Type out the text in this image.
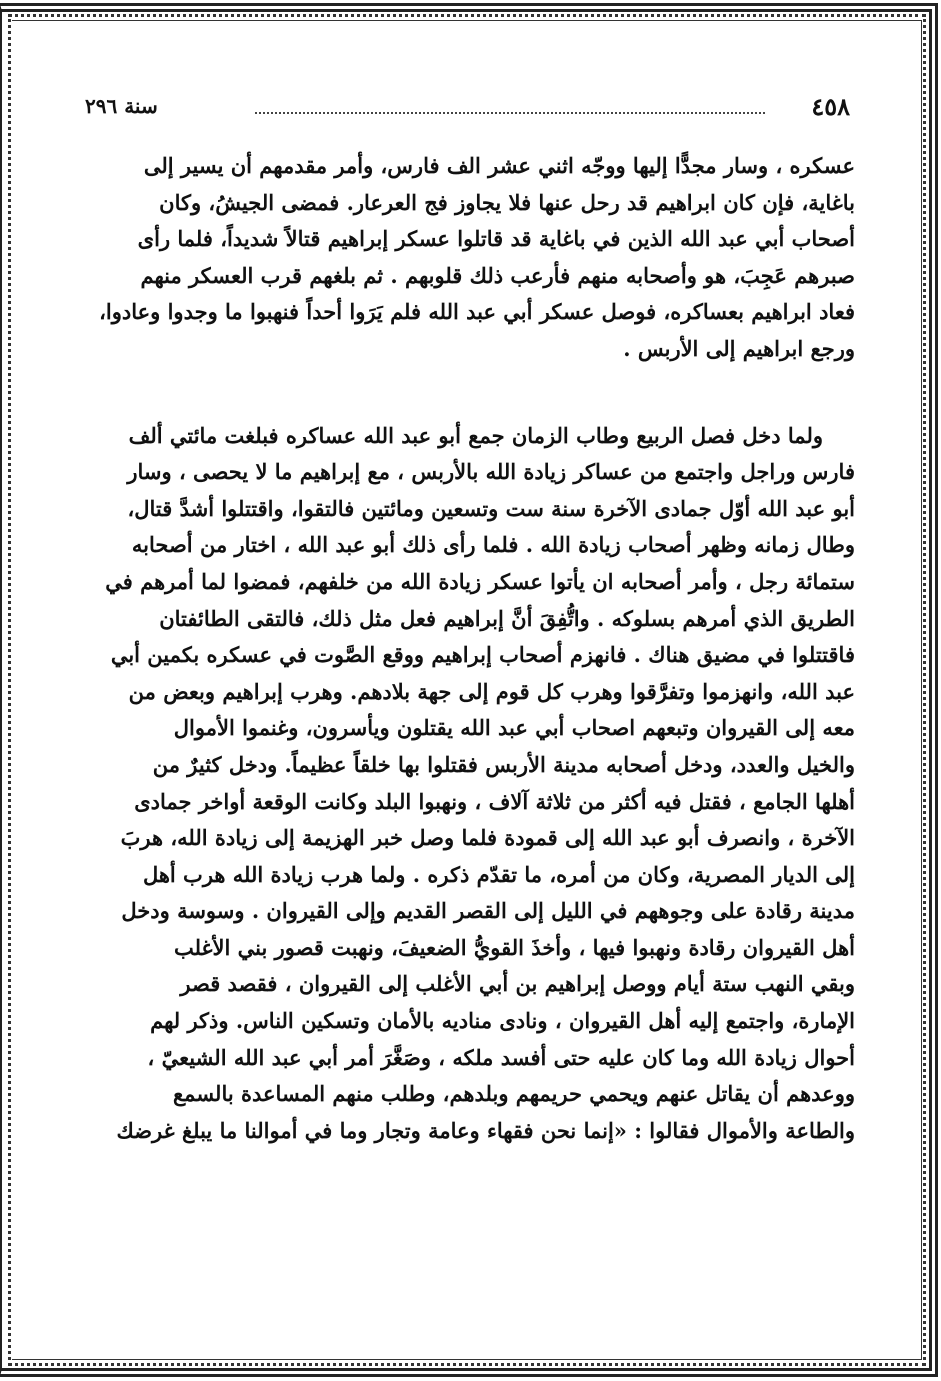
٤٥٨
سنة ٢٩٦
عسكره ، وسار مجدًّا إليها ووجّه اثني عشر الف فارس، وأمر مقدمهم أن يسير إلى
باغاية، فإن كان ابراهيم قد رحل عنها فلا يجاوز فج العرعار. فمضى الجيشُ، وكان
أصحاب أبي عبد الله الذين في باغاية قد قاتلوا عسكر إبراهيم قتالاً شديداً، فلما رأى
صبرهم عَجِبَ، هو وأصحابه منهم فأرعب ذلك قلوبهم . ثم بلغهم قرب العسكر منهم
فعاد ابراهيم بعساكره، فوصل عسكر أبي عبد الله فلم يَرَوا أحداً فنهبوا ما وجدوا وعادوا،
ورجع ابراهيم إلى الأربس .
ولما دخل فصل الربيع وطاب الزمان جمع أبو عبد الله عساكره فبلغت مائتي ألف
فارس وراجل واجتمع من عساكر زيادة الله بالأربس ، مع إبراهيم ما لا يحصى ، وسار
أبو عبد الله أوّل جمادى الآخرة سنة ست وتسعين ومائتين فالتقوا، واقتتلوا أشدَّ قتال،
وطال زمانه وظهر أصحاب زيادة الله . فلما رأى ذلك أبو عبد الله ، اختار من أصحابه
ستمائة رجل ، وأمر أصحابه ان يأتوا عسكر زيادة الله من خلفهم، فمضوا لما أمرهم في
الطريق الذي أمرهم بسلوكه . واتُّفِقَ أنَّ إبراهيم فعل مثل ذلك، فالتقى الطائفتان
فاقتتلوا في مضيق هناك . فانهزم أصحاب إبراهيم ووقع الصَّوت في عسكره بكمين أبي
عبد الله، وانهزموا وتفرَّقوا وهرب كل قوم إلى جهة بلادهم. وهرب إبراهيم وبعض من
معه إلى القيروان وتبعهم اصحاب أبي عبد الله يقتلون ويأسرون، وغنموا الأموال
والخيل والعدد، ودخل أصحابه مدينة الأربس فقتلوا بها خلقاً عظيماً. ودخل كثيرٌ من
أهلها الجامع ، فقتل فيه أكثر من ثلاثة آلاف ، ونهبوا البلد وكانت الوقعة أواخر جمادى
الآخرة ، وانصرف أبو عبد الله إلى قمودة فلما وصل خبر الهزيمة إلى زيادة الله، هربَ
إلى الديار المصرية، وكان من أمره، ما تقدّم ذكره . ولما هرب زيادة الله هرب أهل
مدينة رقادة على وجوههم في الليل إلى القصر القديم وإلى القيروان . وسوسة ودخل
أهل القيروان رقادة ونهبوا فيها ، وأخذَ القويُّ الضعيفَ، ونهبت قصور بني الأغلب
وبقي النهب ستة أيام ووصل إبراهيم بن أبي الأغلب إلى القيروان ، فقصد قصر
الإمارة، واجتمع إليه أهل القيروان ، ونادى مناديه بالأمان وتسكين الناس. وذكر لهم
أحوال زيادة الله وما كان عليه حتى أفسد ملكه ، وصَغَّرَ أمر أبي عبد الله الشيعيّ ،
ووعدهم أن يقاتل عنهم ويحمي حريمهم وبلدهم، وطلب منهم المساعدة بالسمع
والطاعة والأموال فقالوا : «إنما نحن فقهاء وعامة وتجار وما في أموالنا ما يبلغ غرضك
